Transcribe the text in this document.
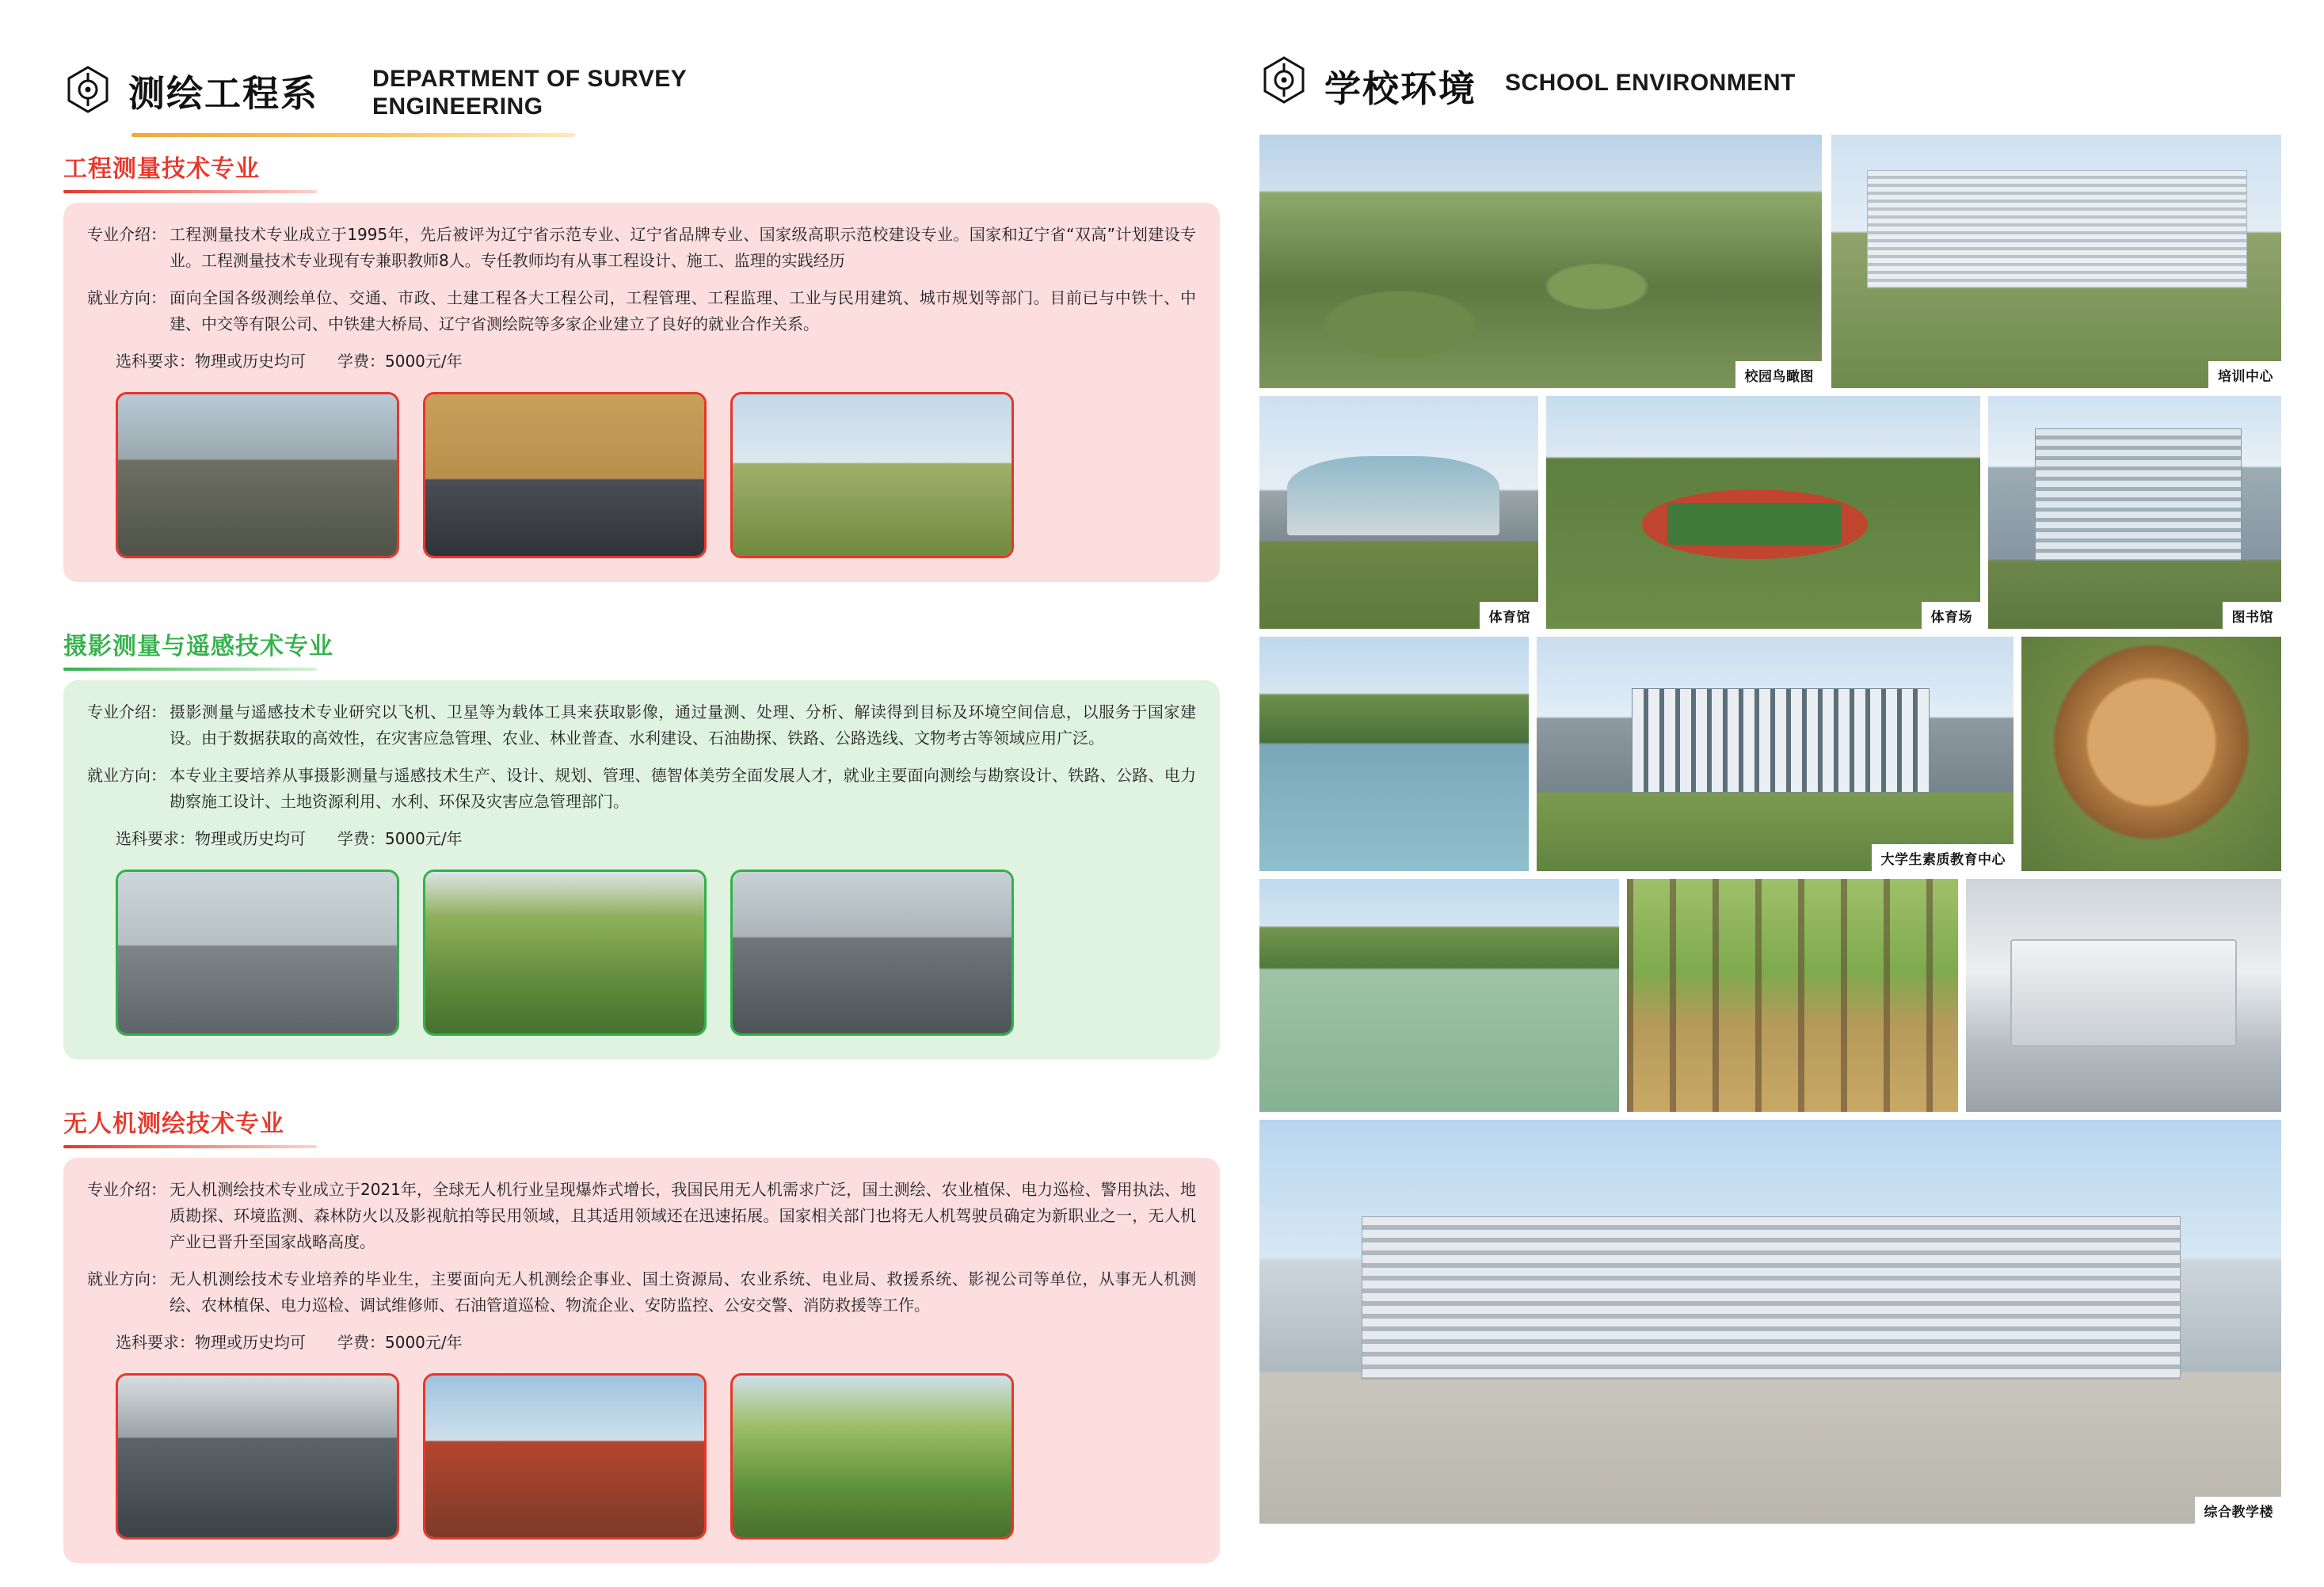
测绘工程系 DEPARTMENT OF SURVEY ENGINEERING
工程测量技术专业
专业介绍： 工程测量技术专业成立于1995年，先后被评为辽宁省示范专业、辽宁省品牌专业、国家级高职示范校建设专业。国家和辽宁省“双高”计划建设专业。工程测量技术专业现有专兼职教师8人。专任教师均有从事工程设计、施工、监理的实践经历
就业方向： 面向全国各级测绘单位、交通、市政、土建工程各大工程公司，工程管理、工程监理、工业与民用建筑、城市规划等部门。目前已与中铁十、中建、中交等有限公司、中铁建大桥局、辽宁省测绘院等多家企业建立了良好的就业合作关系。
选科要求：物理或历史均可 学费：5000元/年
摄影测量与遥感技术专业
专业介绍： 摄影测量与遥感技术专业研究以飞机、卫星等为载体工具来获取影像，通过量测、处理、分析、解读得到目标及环境空间信息，以服务于国家建设。由于数据获取的高效性，在灾害应急管理、农业、林业普查、水利建设、石油勘探、铁路、公路选线、文物考古等领域应用广泛。
就业方向： 本专业主要培养从事摄影测量与遥感技术生产、设计、规划、管理、德智体美劳全面发展人才，就业主要面向测绘与勘察设计、铁路、公路、电力勘察施工设计、土地资源利用、水利、环保及灾害应急管理部门。
选科要求：物理或历史均可 学费：5000元/年
无人机测绘技术专业
专业介绍： 无人机测绘技术专业成立于2021年，全球无人机行业呈现爆炸式增长，我国民用无人机需求广泛，国土测绘、农业植保、电力巡检、警用执法、地质勘探、环境监测、森林防火以及影视航拍等民用领域，且其适用领域还在迅速拓展。国家相关部门也将无人机驾驶员确定为新职业之一，无人机产业已晋升至国家战略高度。
就业方向： 无人机测绘技术专业培养的毕业生，主要面向无人机测绘企事业、国土资源局、农业系统、电业局、救援系统、影视公司等单位，从事无人机测绘、农林植保、电力巡检、调试维修师、石油管道巡检、物流企业、安防监控、公安交警、消防救援等工作。
选科要求：物理或历史均可 学费：5000元/年
学校环境 SCHOOL ENVIRONMENT
校园鸟瞰图	培训中心
体育馆	体育场	图书馆
大学生素质教育中心
综合教学楼
